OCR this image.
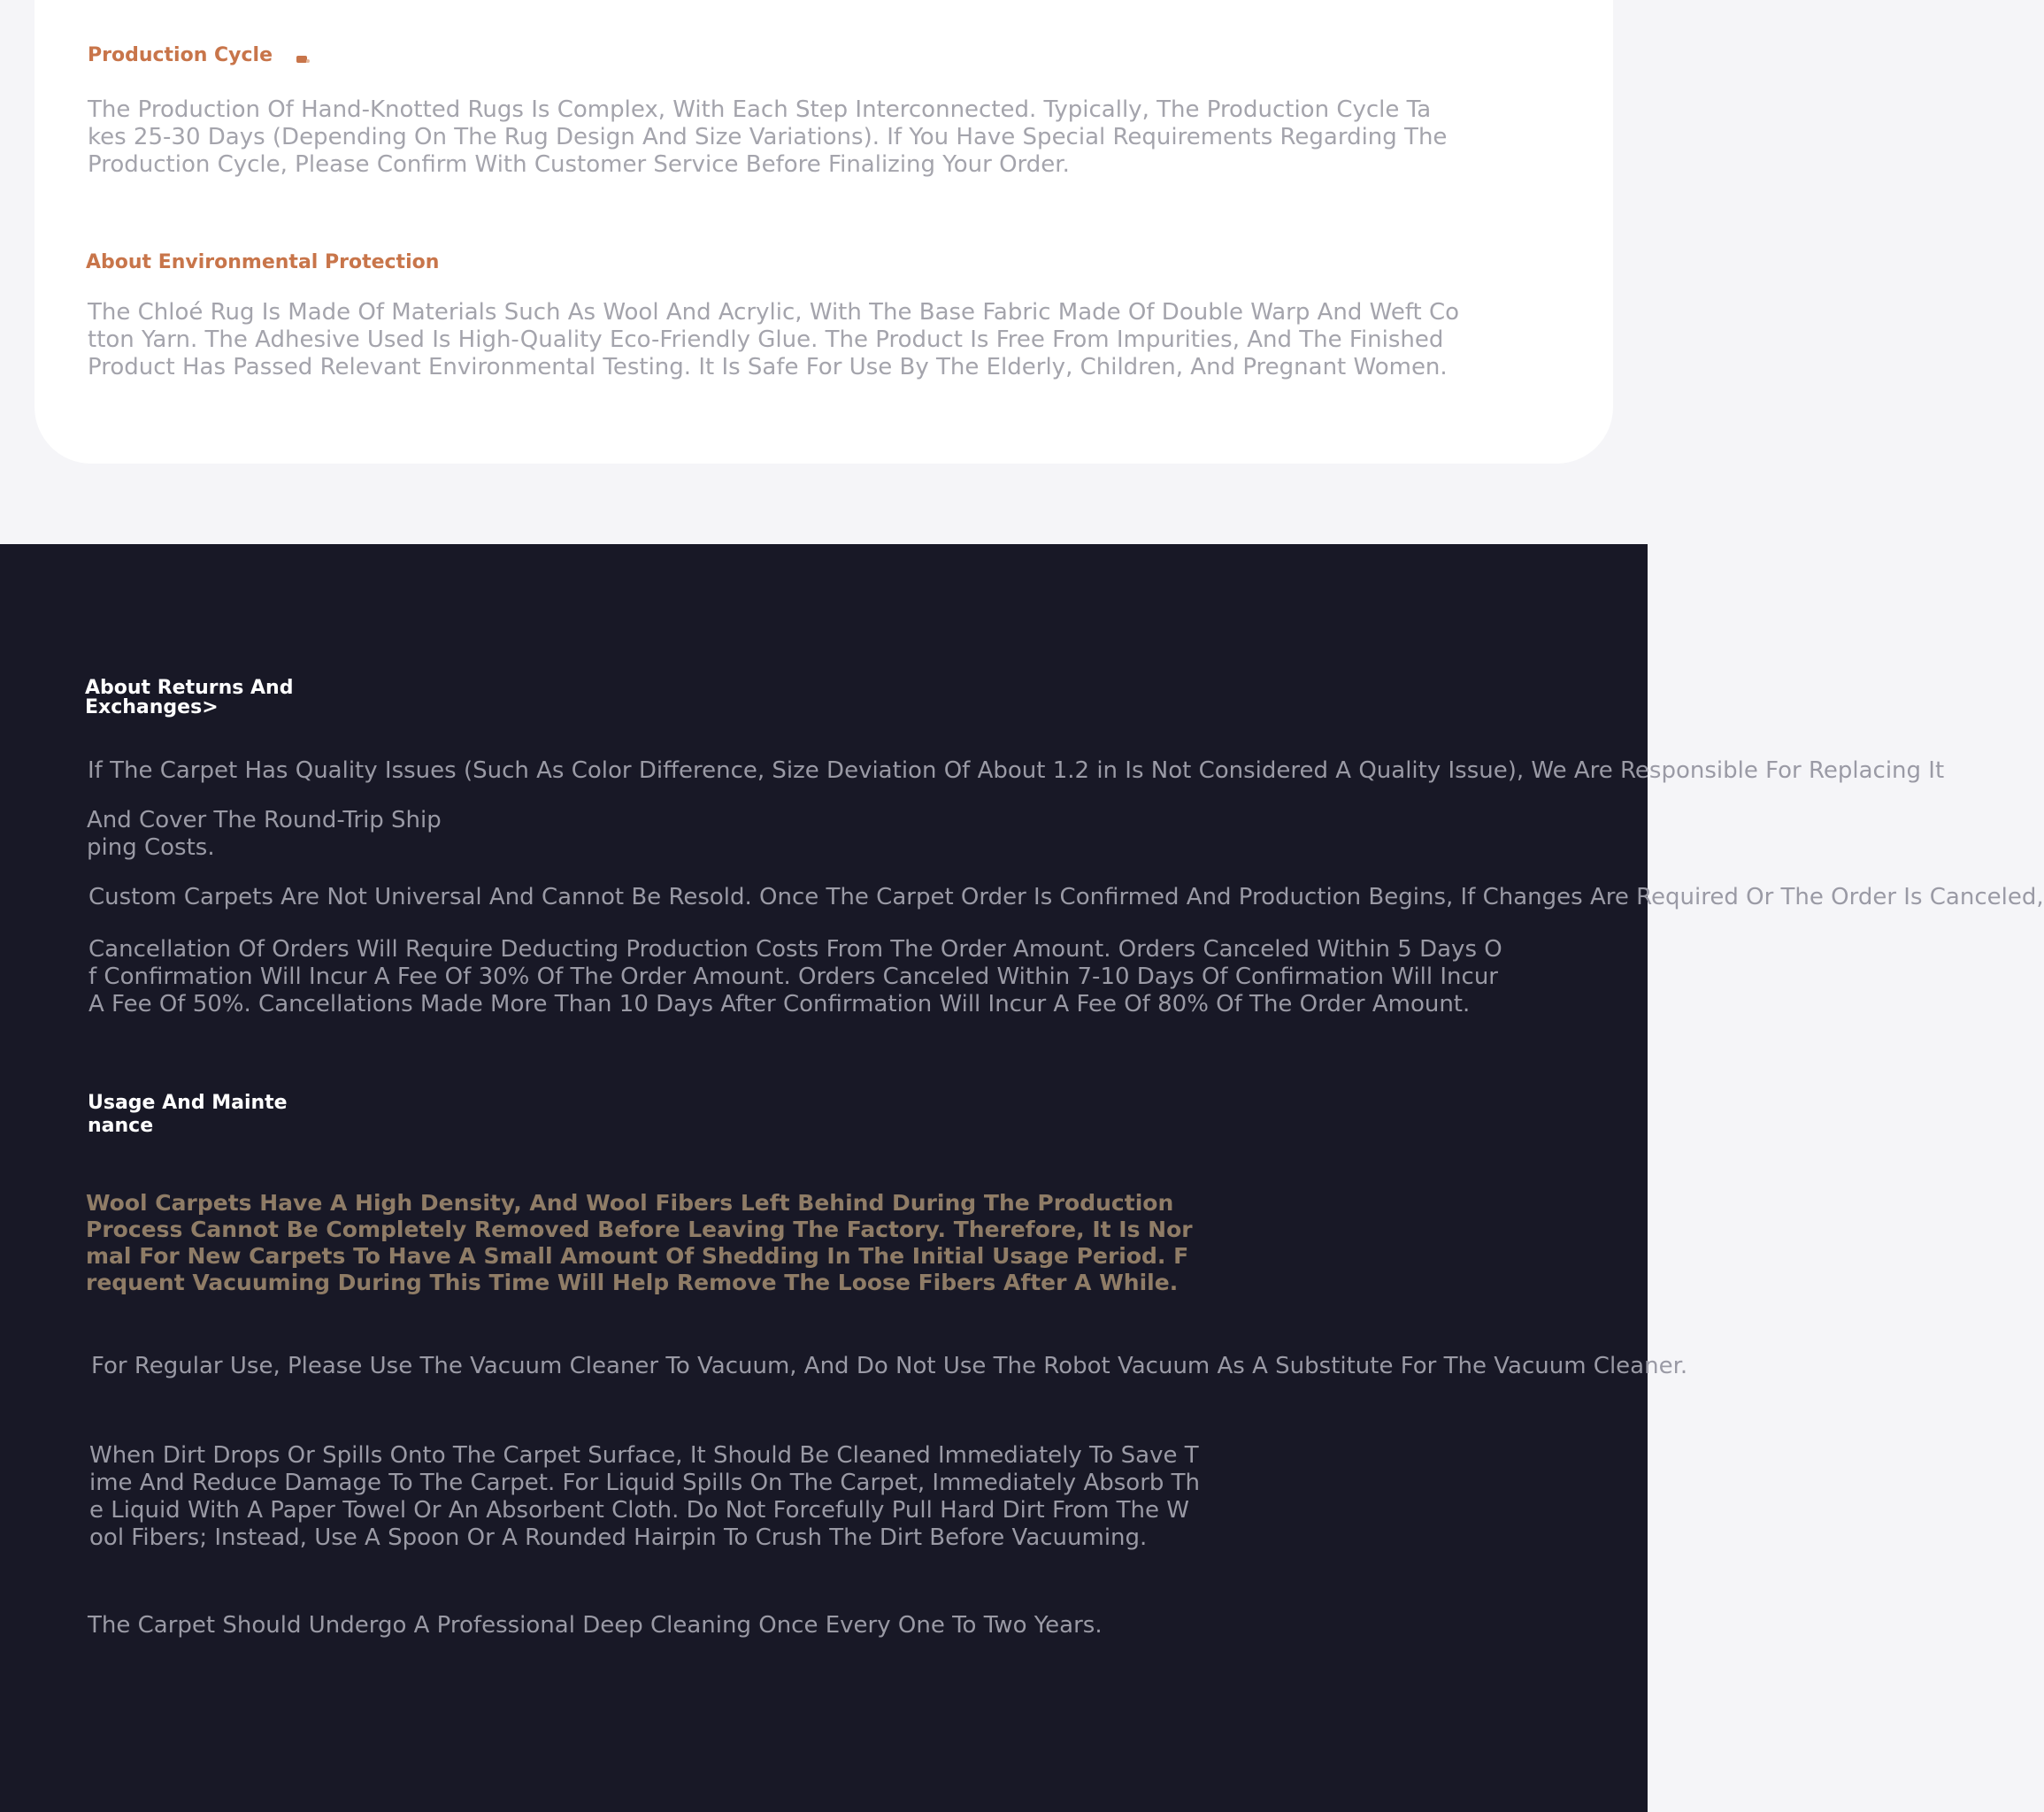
Production Cycle

The Production Of Hand-Knotted Rugs Is Complex, With Each Step Interconnected. Typically, The Production Cycle Ta
kes 25-30 Days (Depending On The Rug Design And Size Variations). If You Have Special Requirements Regarding The
Production Cycle, Please Confirm With Customer Service Before Finalizing Your Order.

About Environmental Protection

The Chloé Rug Is Made Of Materials Such As Wool And Acrylic, With The Base Fabric Made Of Double Warp And Weft Co
tton Yarn. The Adhesive Used Is High-Quality Eco-Friendly Glue. The Product Is Free From Impurities, And The Finished
Product Has Passed Relevant Environmental Testing. It Is Safe For Use By The Elderly, Children, And Pregnant Women.

About Returns And
Exchanges>

If The Carpet Has Quality Issues (Such As Color Difference, Size Deviation Of About 1.2 in Is Not Considered A Quality Issue), We Are Responsible For Replacing It

And Cover The Round-Trip Ship
ping Costs.

Custom Carpets Are Not Universal And Cannot Be Resold. Once The Carpet Order Is Confirmed And Production Begins, If Changes Are Required Or The Order Is Canceled,

Cancellation Of Orders Will Require Deducting Production Costs From The Order Amount. Orders Canceled Within 5 Days O
f Confirmation Will Incur A Fee Of 30% Of The Order Amount. Orders Canceled Within 7-10 Days Of Confirmation Will Incur
A Fee Of 50%. Cancellations Made More Than 10 Days After Confirmation Will Incur A Fee Of 80% Of The Order Amount.

Usage And Mainte
nance

Wool Carpets Have A High Density, And Wool Fibers Left Behind During The Production
Process Cannot Be Completely Removed Before Leaving The Factory. Therefore, It Is Nor
mal For New Carpets To Have A Small Amount Of Shedding In The Initial Usage Period. F
requent Vacuuming During This Time Will Help Remove The Loose Fibers After A While.

For Regular Use, Please Use The Vacuum Cleaner To Vacuum, And Do Not Use The Robot Vacuum As A Substitute For The Vacuum Cleaner.

When Dirt Drops Or Spills Onto The Carpet Surface, It Should Be Cleaned Immediately To Save T
ime And Reduce Damage To The Carpet. For Liquid Spills On The Carpet, Immediately Absorb Th
e Liquid With A Paper Towel Or An Absorbent Cloth. Do Not Forcefully Pull Hard Dirt From The W
ool Fibers; Instead, Use A Spoon Or A Rounded Hairpin To Crush The Dirt Before Vacuuming.

The Carpet Should Undergo A Professional Deep Cleaning Once Every One To Two Years.
